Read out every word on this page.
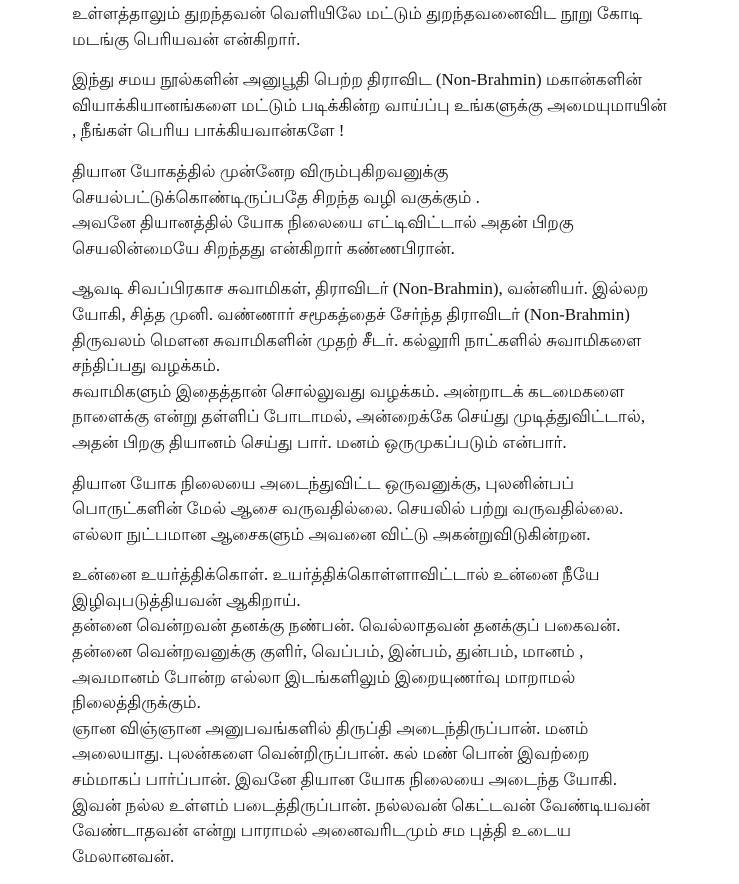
உள்ளத்தாலும் துறந்தவன் வெளியிலே மட்டும் துறந்தவனைவிட நூறு கோடி
மடங்கு பெரியவன் என்கிறார்.
இந்து சமய நூல்களின் அனுபூதி பெற்ற திராவிட (Non-Brahmin) மகான்களின்
வியாக்கியானங்களை மட்டும் படிக்கின்ற வாய்ப்பு உங்களுக்கு அமையுமாயின்
, நீங்கள் பெரிய பாக்கியவான்களே !
தியான யோகத்தில் முன்னேற விரும்புகிறவனுக்கு
செயல்பட்டுக்கொண்டிருப்பதே சிறந்த வழி வகுக்கும் .
அவனே தியானத்தில் யோக நிலையை எட்டிவிட்டால் அதன் பிறகு
செயலின்மையே சிறந்தது என்கிறார் கண்ணபிரான்.
ஆவடி சிவப்பிரகாச சுவாமிகள், திராவிடர் (Non-Brahmin), வன்னியர். இல்லற
யோகி, சித்த முனி. வண்ணார் சமூகத்தைச் சேர்ந்த திராவிடர் (Non-Brahmin)
திருவலம் மௌன சுவாமிகளின் முதற் சீடர். கல்லூரி நாட்களில் சுவாமிகளை
சந்திப்பது வழக்கம்.
சுவாமிகளும் இதைத்தான் சொல்லுவது வழக்கம். அன்றாடக் கடமைகளை
நாளைக்கு என்று தள்ளிப் போடாமல், அன்றைக்கே செய்து முடித்துவிட்டால்,
அதன் பிறகு தியானம் செய்து பார். மனம் ஒருமுகப்படும் என்பார்.
தியான யோக நிலையை அடைந்துவிட்ட ஒருவனுக்கு, புலனின்பப்
பொருட்களின் மேல் ஆசை வருவதில்லை. செயலில் பற்று வருவதில்லை.
எல்லா நுட்பமான ஆசைகளும் அவனை விட்டு அகன்றுவிடுகின்றன.
உன்னை உயர்த்திக்கொள். உயர்த்திக்கொள்ளாவிட்டால் உன்னை நீயே
இழிவுபடுத்தியவன் ஆகிறாய்.
தன்னை வென்றவன் தனக்கு நண்பன். வெல்லாதவன் தனக்குப் பகைவன்.
தன்னை வென்றவனுக்கு குளிர், வெப்பம், இன்பம், துன்பம், மானம் ,
அவமானம் போன்ற எல்லா இடங்களிலும் இறையுணர்வு மாறாமல்
நிலைத்திருக்கும்.
ஞான விஞ்ஞான அனுபவங்களில் திருப்தி அடைந்திருப்பான். மனம்
அலையாது. புலன்களை வென்றிருப்பான். கல் மண் பொன் இவற்றை
சம்மாகப் பார்ப்பான். இவனே தியான யோக நிலையை அடைந்த யோகி.
இவன் நல்ல உள்ளம் படைத்திருப்பான். நல்லவன் கெட்டவன் வேண்டியவன்
வேண்டாதவன் என்று பாராமல் அனைவரிடமும் சம புத்தி உடைய
மேலானவன்.
